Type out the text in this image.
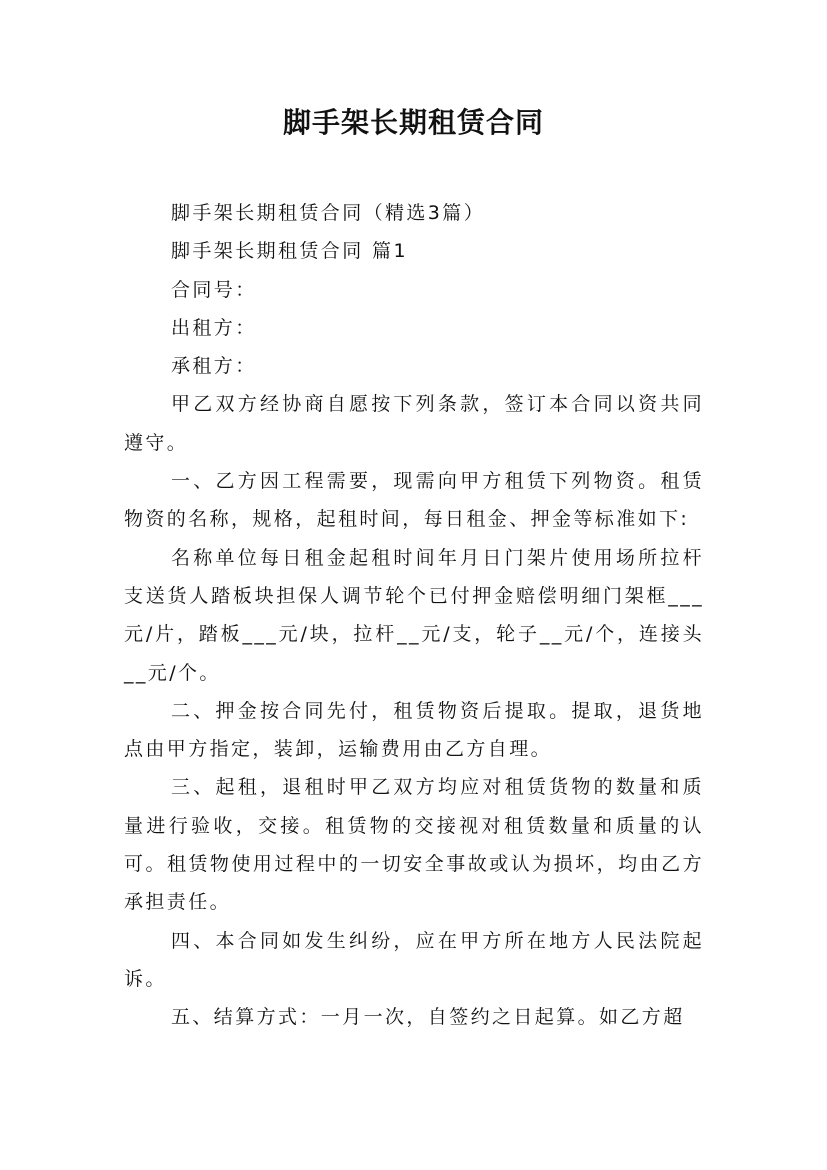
脚手架长期租赁合同

脚手架长期租赁合同（精选3篇）

脚手架长期租赁合同 篇1

合同号：

出租方：

承租方：

甲乙双方经协商自愿按下列条款，签订本合同以资共同遵守。

一、乙方因工程需要，现需向甲方租赁下列物资。租赁物资的名称，规格，起租时间，每日租金、押金等标准如下:

名称单位每日租金起租时间年月日门架片使用场所拉杆支送货人踏板块担保人调节轮个已付押金赔偿明细门架框___元/片，踏板___元/块，拉杆__元/支，轮子__元/个，连接头__元/个。

二、押金按合同先付，租赁物资后提取。提取，退货地点由甲方指定，装卸，运输费用由乙方自理。

三、起租，退租时甲乙双方均应对租赁货物的数量和质量进行验收，交接。租赁物的交接视对租赁数量和质量的认可。租赁物使用过程中的一切安全事故或认为损坏，均由乙方承担责任。

四、本合同如发生纠纷，应在甲方所在地方人民法院起诉。

五、结算方式：一月一次，自签约之日起算。如乙方超
